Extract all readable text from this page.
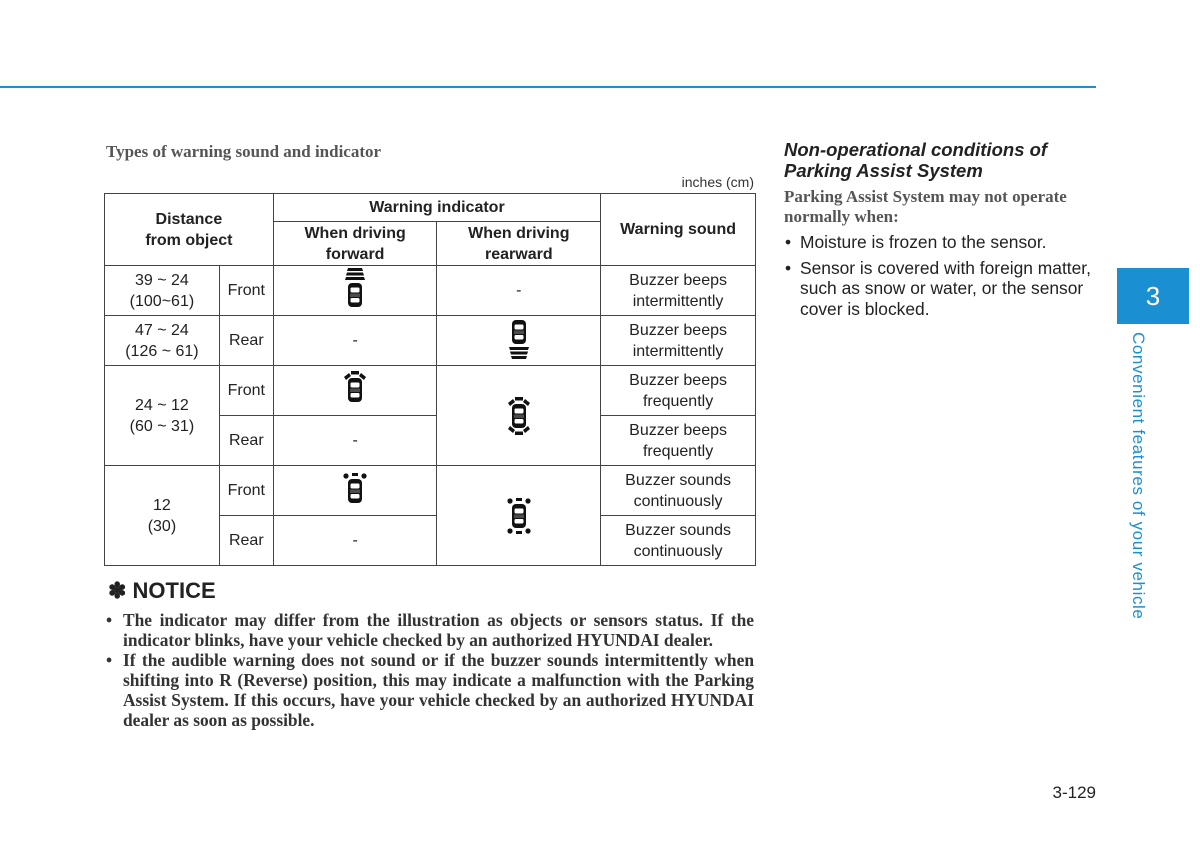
Types of warning sound and indicator
inches (cm)
Distance
from object		Warning indicator		Warning sound
		When driving
forward	When driving
rearward	
39 ~ 24
(100~61)	Front		-	Buzzer beeps
intermittently
47 ~ 24
(126 ~ 61)	Rear	-		Buzzer beeps
intermittently
24 ~ 12
(60 ~ 31)	Front			Buzzer beeps
frequently
	Rear	-		Buzzer beeps
frequently
12
(30)	Front			Buzzer sounds
continuously
	Rear	-		Buzzer sounds
continuously
✽ NOTICE
• The indicator may differ from the illustration as objects or sensors status. If the indicator blinks, have your vehicle checked by an authorized HYUNDAI dealer.
• If the audible warning does not sound or if the buzzer sounds intermittently when shifting into R (Reverse) position, this may indicate a malfunction with the Parking Assist System. If this occurs, have your vehicle checked by an authorized HYUNDAI dealer as soon as possible.
Non-operational conditions of Parking Assist System
Parking Assist System may not operate normally when:
• Moisture is frozen to the sensor.
• Sensor is covered with foreign matter, such as snow or water, or the sensor cover is blocked.	3
Convenient features of your vehicle
3-129
